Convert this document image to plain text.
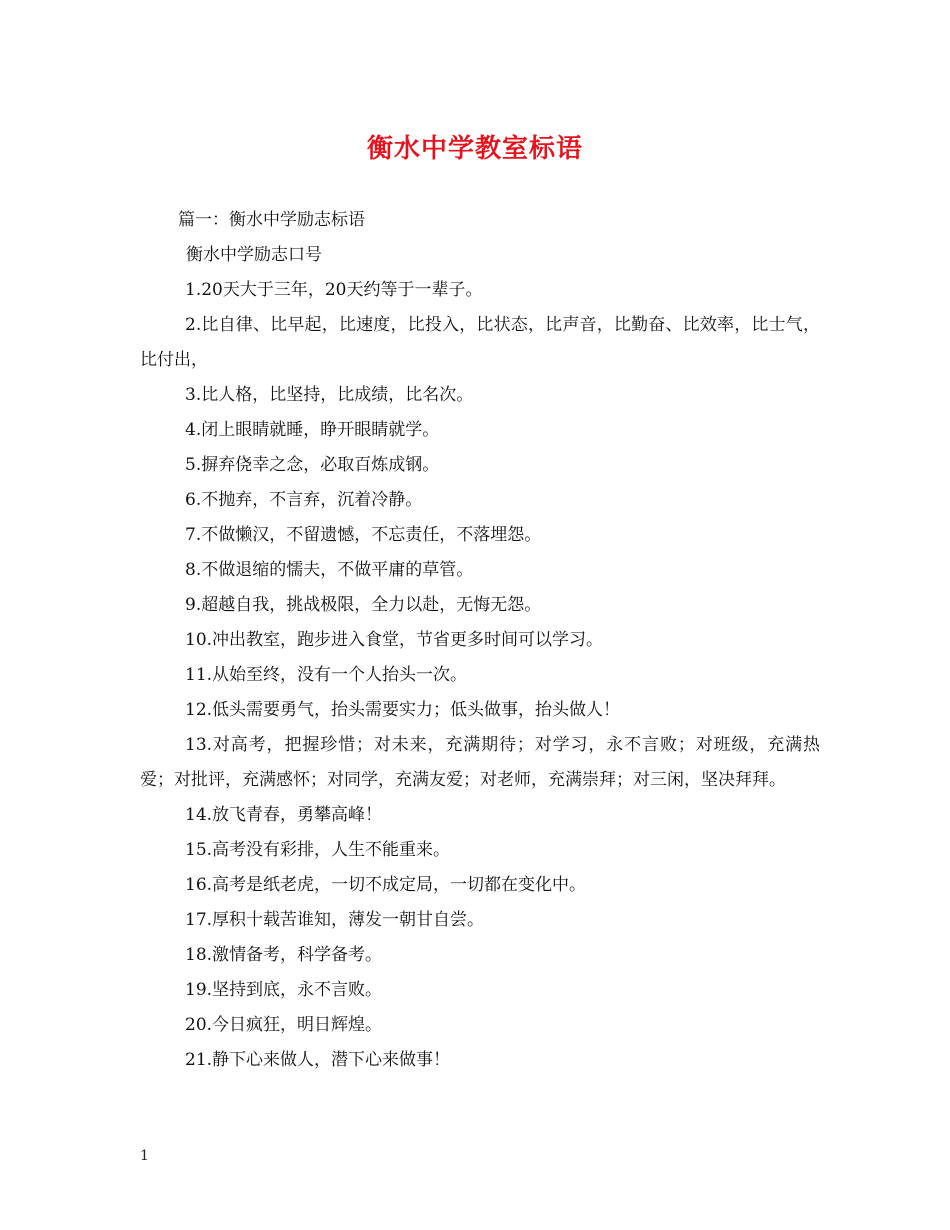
衡水中学教室标语

篇一：衡水中学励志标语

衡水中学励志口号

1.20天大于三年，20天约等于一辈子。
2.比自律、比早起，比速度，比投入，比状态，比声音，比勤奋、比效率，比士气，比付出，
3.比人格，比坚持，比成绩，比名次。
4.闭上眼睛就睡，睁开眼睛就学。
5.摒弃侥幸之念，必取百炼成钢。
6.不抛弃，不言弃，沉着冷静。
7.不做懒汉，不留遗憾，不忘责任，不落埋怨。
8.不做退缩的懦夫，不做平庸的草管。
9.超越自我，挑战极限，全力以赴，无悔无怨。
10.冲出教室，跑步进入食堂，节省更多时间可以学习。
11.从始至终，没有一个人抬头一次。
12.低头需要勇气，抬头需要实力；低头做事，抬头做人！
13.对高考，把握珍惜；对未来，充满期待；对学习，永不言败；对班级，充满热爱；对批评，充满感怀；对同学，充满友爱；对老师，充满崇拜；对三闲，坚决拜拜。
14.放飞青春，勇攀高峰！
15.高考没有彩排，人生不能重来。
16.高考是纸老虎，一切不成定局，一切都在变化中。
17.厚积十载苦谁知，薄发一朝甘自尝。
18.激情备考，科学备考。
19.坚持到底，永不言败。
20.今日疯狂，明日辉煌。
21.静下心来做人，潜下心来做事！
1
